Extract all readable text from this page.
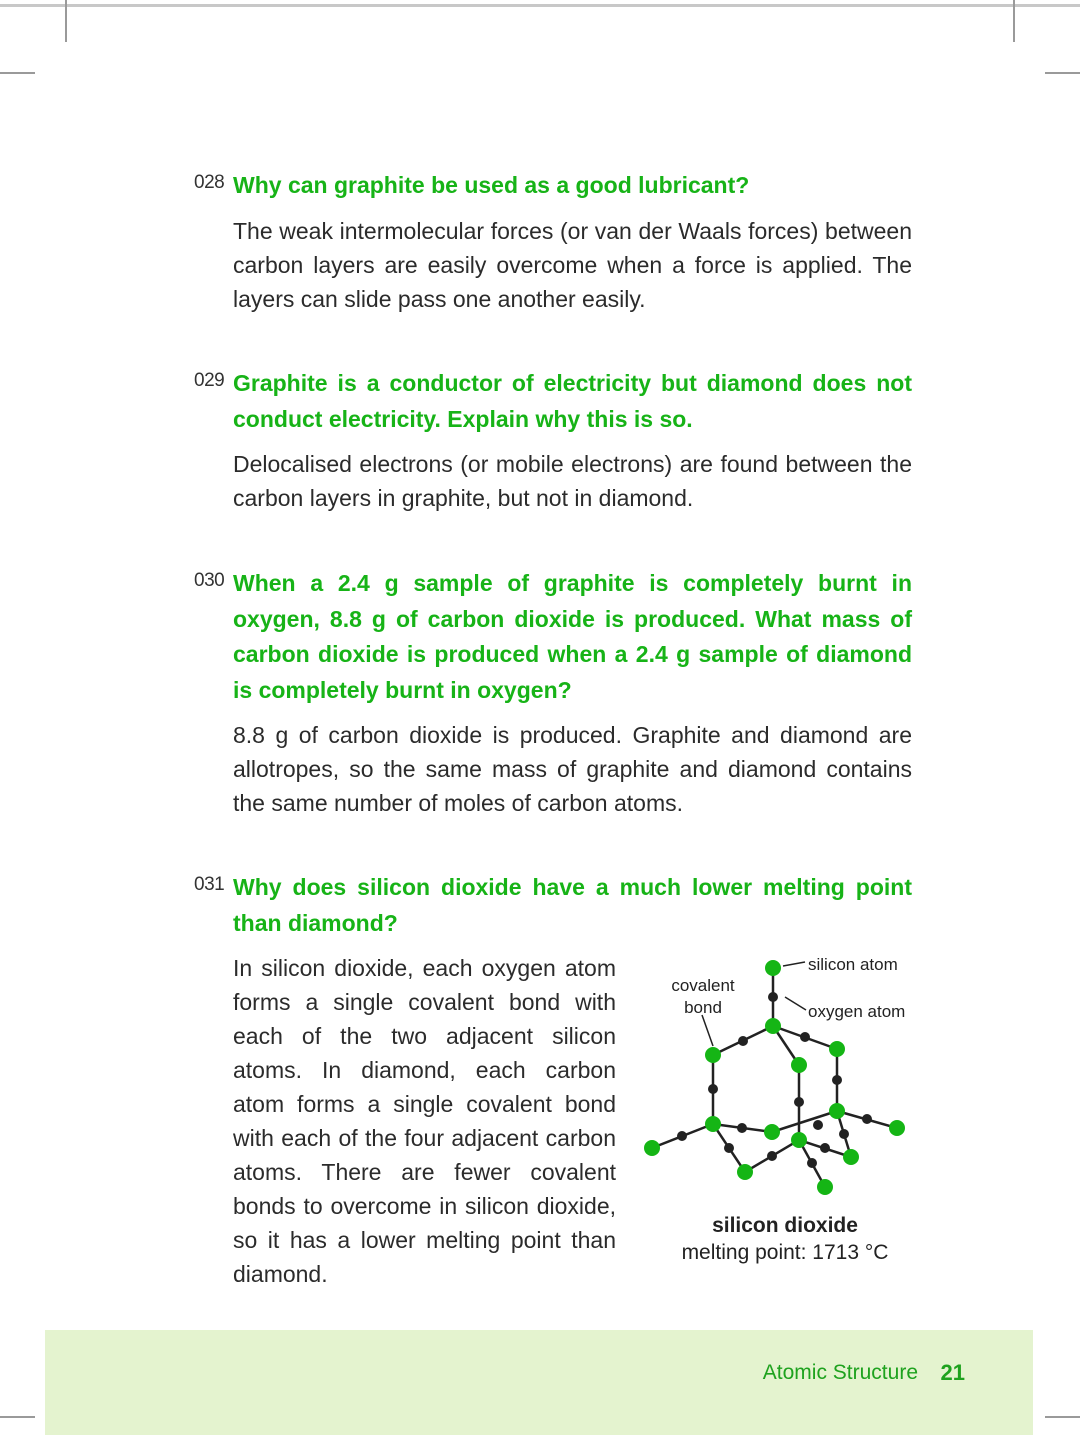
028 Why can graphite be used as a good lubricant?
The weak intermolecular forces (or van der Waals forces) between carbon layers are easily overcome when a force is applied. The layers can slide pass one another easily.
029 Graphite is a conductor of electricity but diamond does not conduct electricity. Explain why this is so.
Delocalised electrons (or mobile electrons) are found between the carbon layers in graphite, but not in diamond.
030 When a 2.4 g sample of graphite is completely burnt in oxygen, 8.8 g of carbon dioxide is produced. What mass of carbon dioxide is produced when a 2.4 g sample of diamond is completely burnt in oxygen?
8.8 g of carbon dioxide is produced. Graphite and diamond are allotropes, so the same mass of graphite and diamond contains the same number of moles of carbon atoms.
031 Why does silicon dioxide have a much lower melting point than diamond?
In silicon dioxide, each oxygen atom forms a single covalent bond with each of the two adjacent silicon atoms. In diamond, each carbon atom forms a single covalent bond with each of the four adjacent carbon atoms. There are fewer covalent bonds to overcome in silicon dioxide, so it has a lower melting point than diamond.
silicon atom
oxygen atom
covalent
bond
silicon dioxide
melting point: 1713 °C
Atomic Structure 21
